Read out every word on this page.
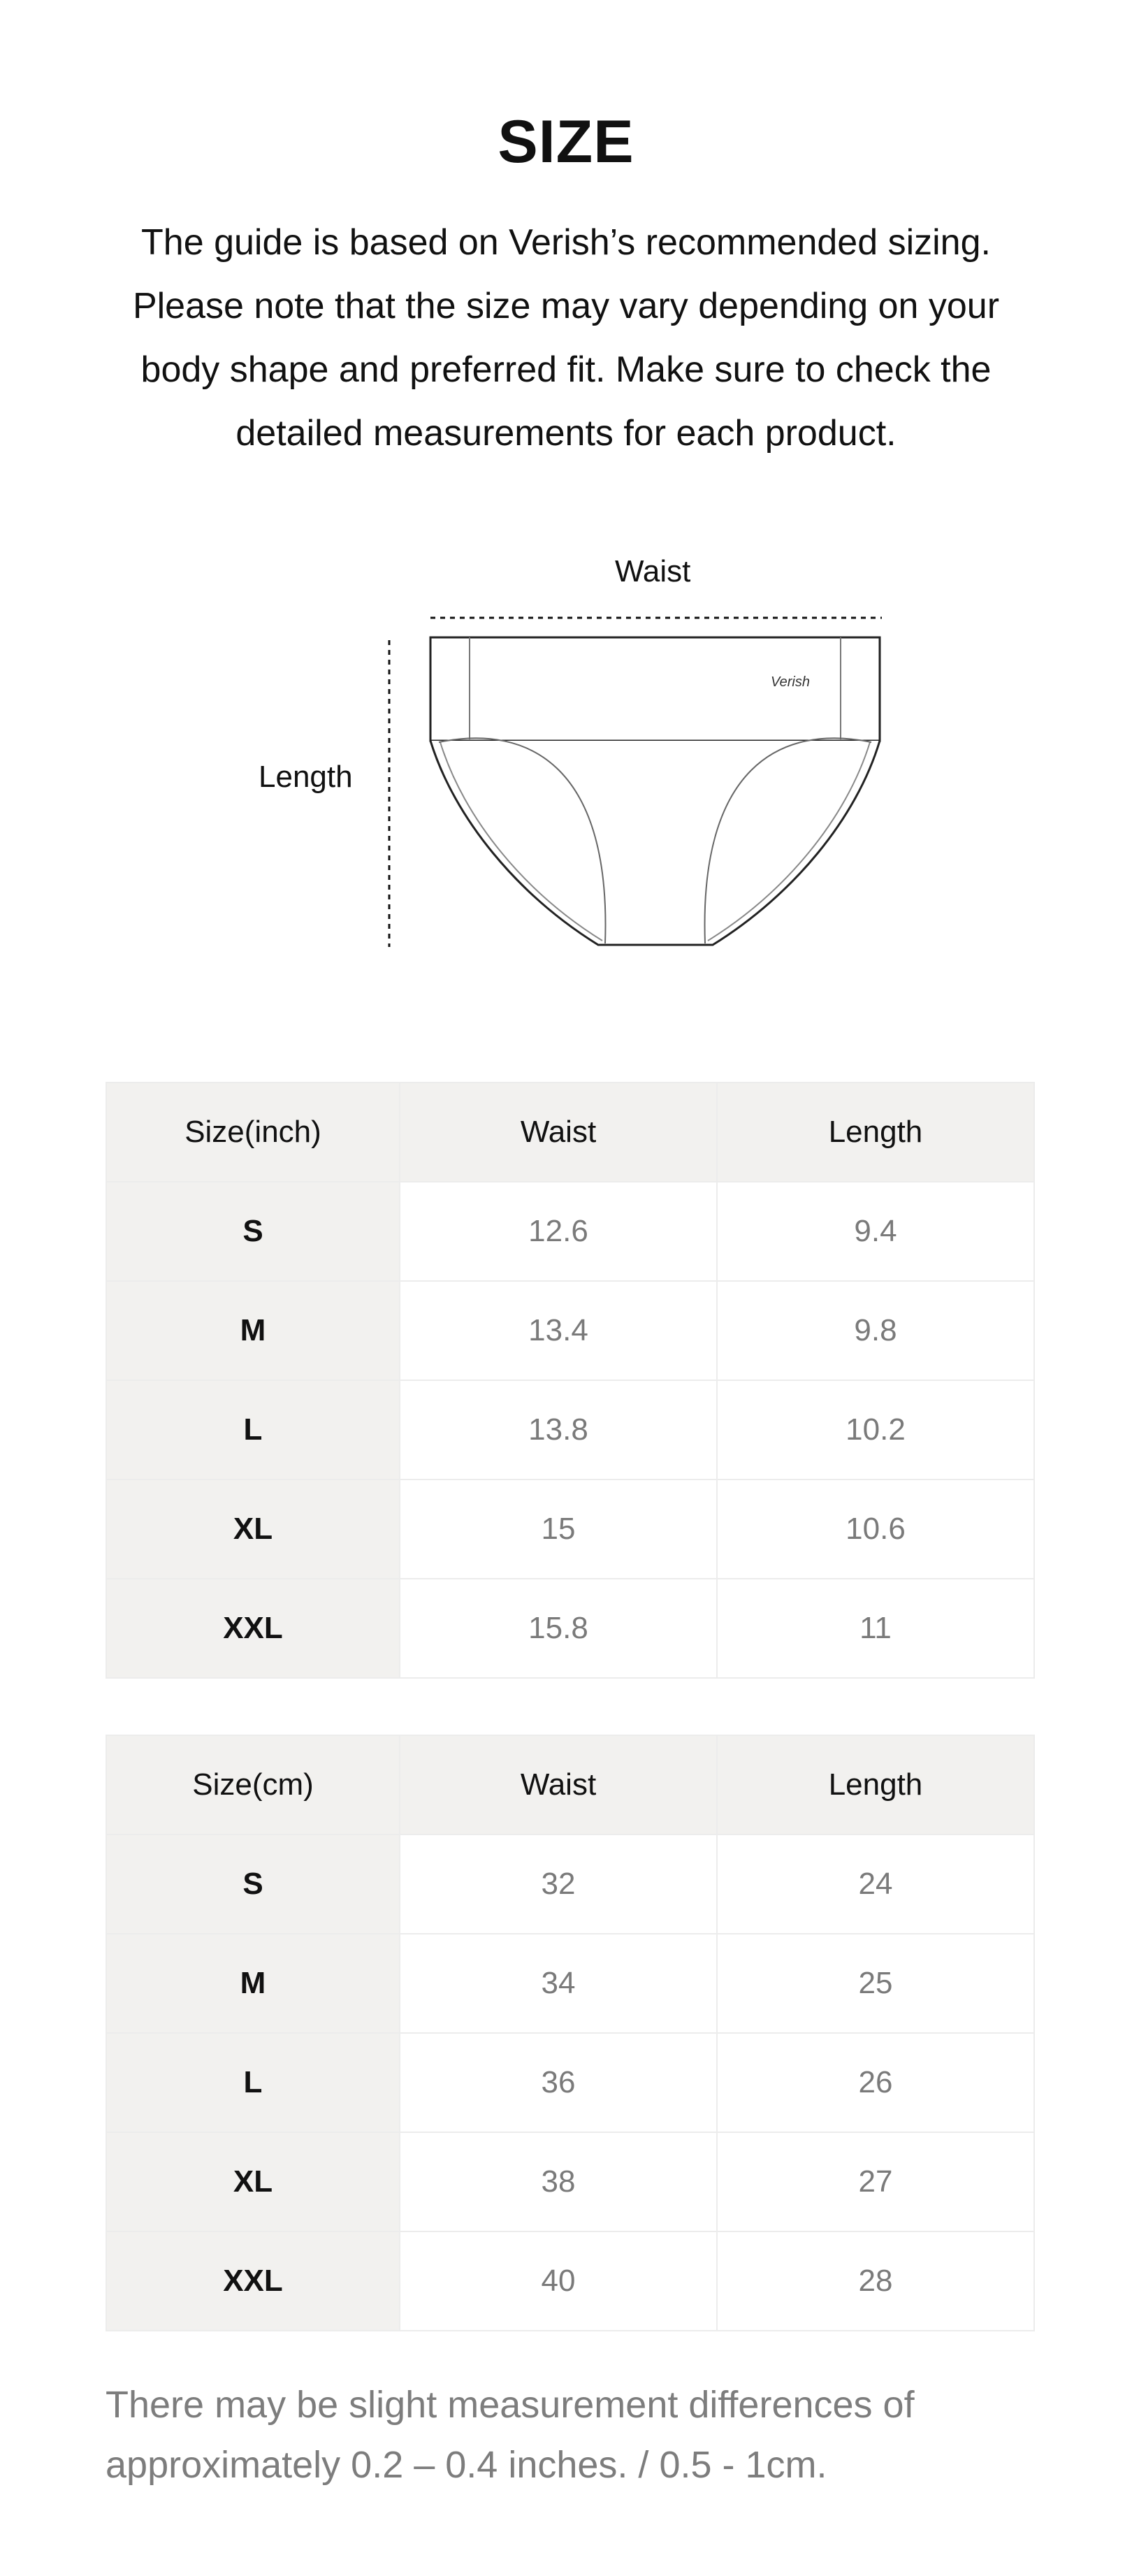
SIZE

The guide is based on Verish’s recommended sizing. Please note that the size may vary depending on your body shape and preferred fit. Make sure to check the detailed measurements for each product.

Verish
Waist
Length
Size(inch)	Waist	Length
S	12.6	9.4
M	13.4	9.8
L	13.8	10.2
XL	15	10.6
XXL	15.8	11
Size(cm)	Waist	Length
S	32	24
M	34	25
L	36	26
XL	38	27
XXL	40	28

There may be slight measurement differences of approximately 0.2 – 0.4 inches. / 0.5 - 1cm.
